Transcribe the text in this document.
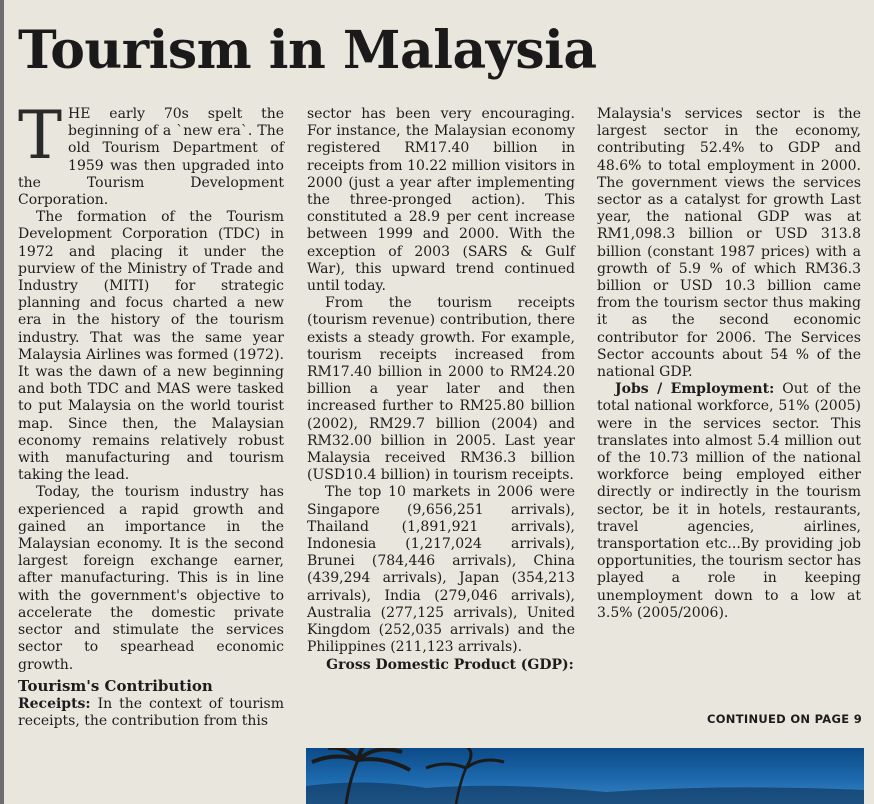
Tourism in Malaysia

THE early 70s spelt the beginning of a `new era`. The old Tourism Department of 1959 was then upgraded into the Tourism Development Corporation.

The formation of the Tourism Development Corporation (TDC) in 1972 and placing it under the purview of the Ministry of Trade and Industry (MITI) for strategic planning and focus charted a new era in the history of the tourism industry. That was the same year Malaysia Airlines was formed (1972). It was the dawn of a new beginning and both TDC and MAS were tasked to put Malaysia on the world tourist map. Since then, the Malaysian economy remains relatively robust with manufacturing and tourism taking the lead.

Today, the tourism industry has experienced a rapid growth and gained an importance in the Malaysian economy. It is the second largest foreign exchange earner, after manufacturing. This is in line with the government's objective to accelerate the domestic private sector and stimulate the services sector to spearhead economic growth.

Tourism's Contribution

Receipts: In the context of tourism receipts, the contribution from this

sector has been very encouraging. For instance, the Malaysian economy registered RM17.40 billion in receipts from 10.22 million visitors in 2000 (just a year after implementing the three-pronged action). This constituted a 28.9 per cent increase between 1999 and 2000. With the exception of 2003 (SARS & Gulf War), this upward trend continued until today.

From the tourism receipts (tourism revenue) contribution, there exists a steady growth. For example, tourism receipts increased from RM17.40 billion in 2000 to RM24.20 billion a year later and then increased further to RM25.80 billion (2002), RM29.7 billion (2004) and RM32.00 billion in 2005. Last year Malaysia received RM36.3 billion (USD10.4 billion) in tourism receipts.

The top 10 markets in 2006 were Singapore (9,656,251 arrivals), Thailand (1,891,921 arrivals), Indonesia (1,217,024 arrivals), Brunei (784,446 arrivals), China (439,294 arrivals), Japan (354,213 arrivals), India (279,046 arrivals), Australia (277,125 arrivals), United Kingdom (252,035 arrivals) and the Philippines (211,123 arrivals).

Gross Domestic Product (GDP):

Malaysia's services sector is the largest sector in the economy, contributing 52.4% to GDP and 48.6% to total employment in 2000. The government views the services sector as a catalyst for growth Last year, the national GDP was at RM1,098.3 billion or USD 313.8 billion (constant 1987 prices) with a growth of 5.9 % of which RM36.3 billion or USD 10.3 billion came from the tourism sector thus making it as the second economic contributor for 2006. The Services Sector accounts about 54 % of the national GDP.

Jobs / Employment: Out of the total national workforce, 51% (2005) were in the services sector. This translates into almost 5.4 million out of the 10.73 million of the national workforce being employed either directly or indirectly in the tourism sector, be it in hotels, restaurants, travel agencies, airlines, transportation etc...By providing job opportunities, the tourism sector has played a role in keeping unemployment down to a low at 3.5% (2005/2006).

CONTINUED ON PAGE 9
